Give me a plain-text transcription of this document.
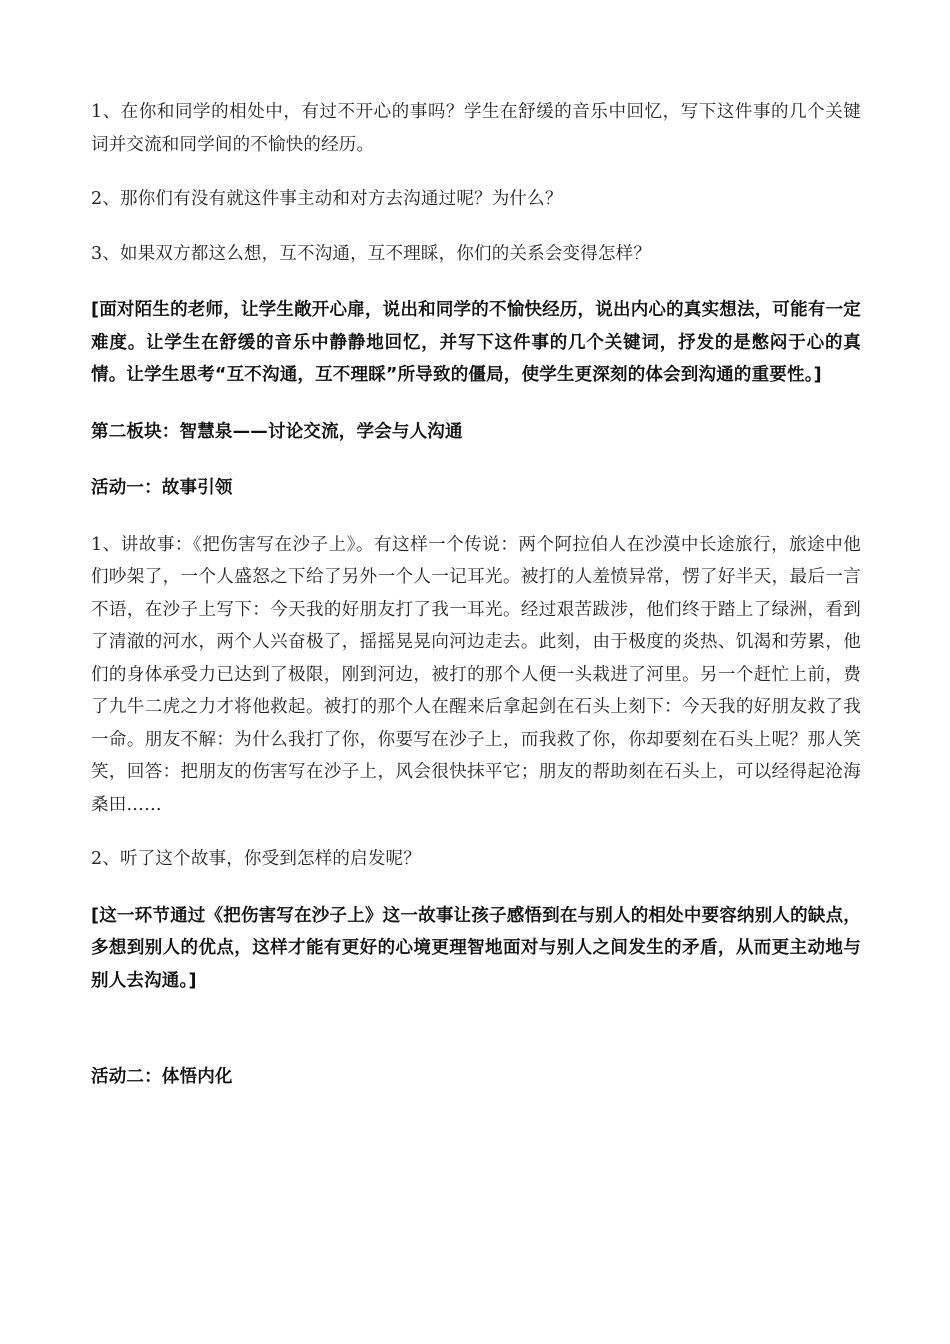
1、在你和同学的相处中，有过不开心的事吗？学生在舒缓的音乐中回忆，写下这件事的几个关键词并交流和同学间的不愉快的经历。

2、那你们有没有就这件事主动和对方去沟通过呢？为什么？

3、如果双方都这么想，互不沟通，互不理睬，你们的关系会变得怎样？

[面对陌生的老师，让学生敞开心扉，说出和同学的不愉快经历，说出内心的真实想法，可能有一定难度。让学生在舒缓的音乐中静静地回忆，并写下这件事的几个关键词，抒发的是憋闷于心的真情。让学生思考“互不沟通，互不理睬”所导致的僵局，使学生更深刻的体会到沟通的重要性。]

第二板块：智慧泉——讨论交流，学会与人沟通

活动一：故事引领

1、讲故事：《把伤害写在沙子上》。有这样一个传说：两个阿拉伯人在沙漠中长途旅行，旅途中他们吵架了，一个人盛怒之下给了另外一个人一记耳光。被打的人羞愤异常，愣了好半天，最后一言不语，在沙子上写下：今天我的好朋友打了我一耳光。经过艰苦跋涉，他们终于踏上了绿洲，看到了清澈的河水，两个人兴奋极了，摇摇晃晃向河边走去。此刻，由于极度的炎热、饥渴和劳累，他们的身体承受力已达到了极限，刚到河边，被打的那个人便一头栽进了河里。另一个赶忙上前，费了九牛二虎之力才将他救起。被打的那个人在醒来后拿起剑在石头上刻下：今天我的好朋友救了我一命。朋友不解：为什么我打了你，你要写在沙子上，而我救了你，你却要刻在石头上呢？那人笑笑，回答：把朋友的伤害写在沙子上，风会很快抹平它；朋友的帮助刻在石头上，可以经得起沧海桑田……

2、听了这个故事，你受到怎样的启发呢？

[这一环节通过《把伤害写在沙子上》这一故事让孩子感悟到在与别人的相处中要容纳别人的缺点，多想到别人的优点，这样才能有更好的心境更理智地面对与别人之间发生的矛盾，从而更主动地与别人去沟通。]

活动二：体悟内化
